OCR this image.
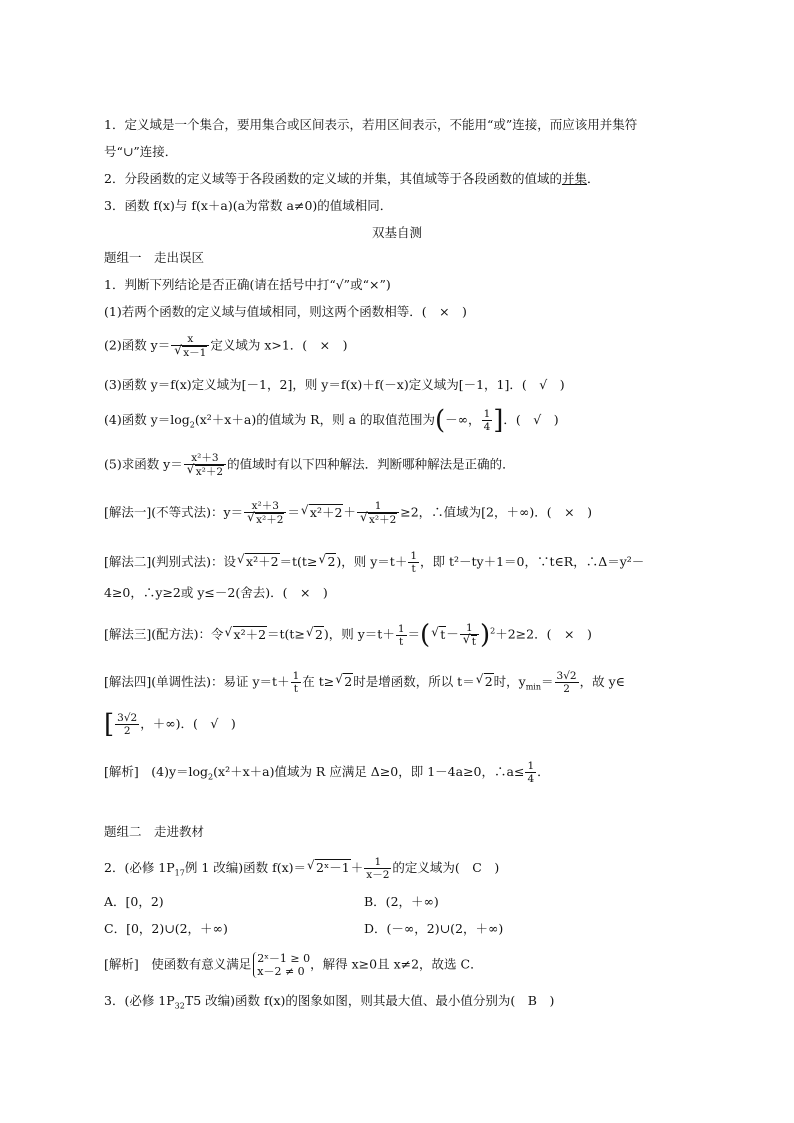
1．定义域是一个集合，要用集合或区间表示，若用区间表示，不能用“或”连接，而应该用并集符
号“∪”连接．
2．分段函数的定义域等于各段函数的定义域的并集，其值域等于各段函数的值域的并集．
3．函数 f(x)与 f(x＋a)(a为常数 a≠0)的值域相同．
双基自测
题组一　走出误区
1．判断下列结论是否正确(请在括号中打“√”或“×”)
(1)若两个函数的定义域与值域相同，则这两个函数相等．(　×　)
(2)函数 y＝ x
√ x－1 定义域为 x>1．(　×　)
(3)函数 y＝f(x)定义域为[－1，2]，则 y＝f(x)＋f(－x)定义域为[－1，1]．(　√　)
(4)函数 $y=\log_2(x^2+x+a)$的值域为 R，则 a 的取值范围为(－∞， $\frac{1}{4}$ ]．(　√　)
(5)求函数 y＝ x²＋3
√ x²＋2 的值域时有以下四种解法．判断哪种解法是正确的．
[解法一](不等式法)：y＝ x²＋3
√ x²＋2 ＝ √ x²＋2＋ 1
√ x²＋2 ≥2，∴值域为[2，＋∞)．(　×　)
[解法二](判别式法)：设 √ x²＋2＝t(t≥ √ 2)，则 $y=t+ \frac{1}{t}$ ，即 t²－ty＋1＝0，∵t∈R，∴Δ＝y²－
4≥0，∴y≥2或 y≤－2(舍去)．(　×　)
[解法三](配方法)：令 √ x²＋2＝t(t≥ √ 2)，则 $y=t+ \frac{1}{t}$ ＝( √ t－ 1
√ t )$^2$＋2≥2．(　×　)
[解法四](单调性法)：易证 $y=t+ \frac{1}{t}$ 在 t≥ √ 2时是增函数，所以 t＝ √ 2时，$y_{min}= \frac{3√2}{2}$ ，故 y∈
[ $\frac{3√2}{2}$ ，＋∞)．(　√　)
[解析]　$(4)y=\log_2(x^2+x+a)$值域为 R 应满足 Δ≥0，即 1－4a≥0，∴a≤ $\frac{1}{4}$ ．
题组二　走进教材
2．(必修 $1P_{17}$例 1 改编)函数 f(x)＝ √ 2ˣ－1＋ $\frac{1}{x-2}$ 的定义域为(　C　)
A．[0，2)	B．(2，＋∞)
C．[0，2)∪(2，＋∞)	D．(－∞，2)∪(2，＋∞)
[解析]　使函数有意义满足 2ˣ－1 ≥ 0
x－2 ≠ 0 ，解得 x≥0且 x≠2，故选 C．
3．(必修 $1P_{32}T5$ 改编)函数 f(x)的图象如图，则其最大值、最小值分别为(　B　)
